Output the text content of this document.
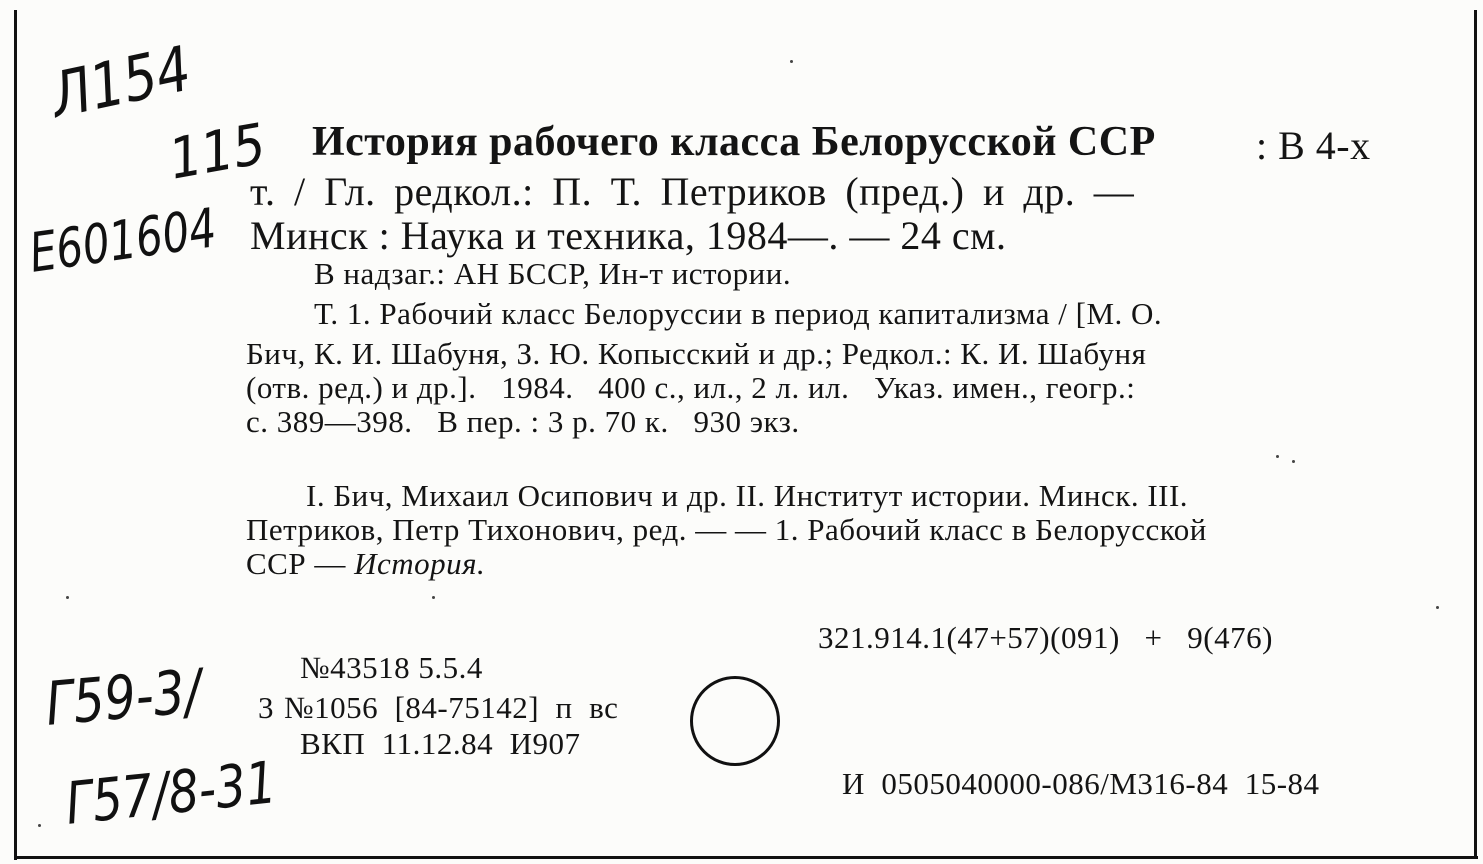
Л154
115
Е601604
Г59-3/
Г57/8-31
История рабочего класса Белорусской ССР	: В 4-х
т. / Гл. редкол.: П. Т. Петриков (пред.) и др. —
Минск : Наука и техника, 1984—. — 24 см.
В надзаг.: АН БССР, Ин-т истории.
Т. 1. Рабочий класс Белоруссии в период капитализма / [М. О.
Бич, К. И. Шабуня, З. Ю. Копысский и др.; Редкол.: К. И. Шабуня
(отв. ред.) и др.].   1984.   400 с., ил., 2 л. ил.   Указ. имен., геогр.:
с. 389—398.   В пер. : 3 р. 70 к.   930 экз.
I. Бич, Михаил Осипович и др. II. Институт истории. Минск. III.
Петриков, Петр Тихонович, ред. — — 1. Рабочий класс в Белорусской
ССР — История.
321.914.1(47+57)(091)   +   9(476)
№43518 5.5.4
3 №1056  [84-75142]  п  вс
ВКП  11.12.84  И907
И  0505040000-086/М316-84  15-84
